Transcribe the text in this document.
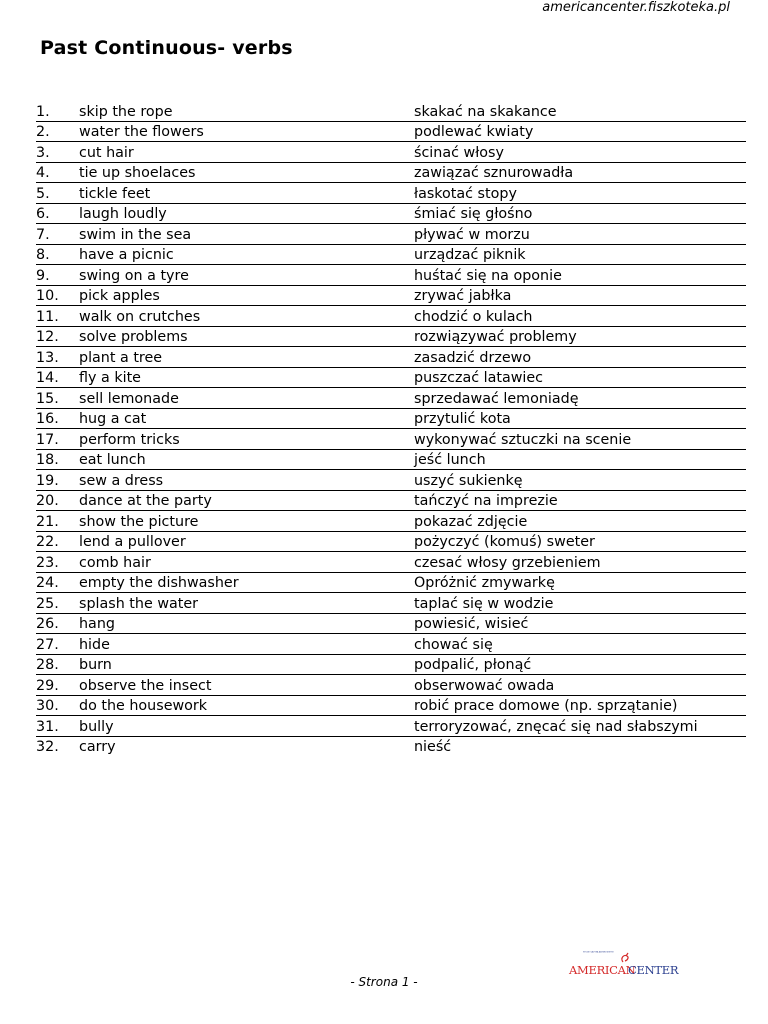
americancenter.fiszkoteka.pl
Past Continuous- verbs
1.	skip the rope	skakać na skakance
2.	water the flowers	podlewać kwiaty
3.	cut hair	ścinać włosy
4.	tie up shoelaces	zawiązać sznurowadła
5.	tickle feet	łaskotać stopy
6.	laugh loudly	śmiać się głośno
7.	swim in the sea	pływać w morzu
8.	have a picnic	urządzać piknik
9.	swing on a tyre	huśtać się na oponie
10.	pick apples	zrywać jabłka
11.	walk on crutches	chodzić o kulach
12.	solve problems	rozwiązywać problemy
13.	plant a tree	zasadzić drzewo
14.	fly a kite	puszczać latawiec
15.	sell lemonade	sprzedawać lemoniadę
16.	hug a cat	przytulić kota
17.	perform tricks	wykonywać sztuczki na scenie
18.	eat lunch	jeść lunch
19.	sew a dress	uszyć sukienkę
20.	dance at the party	tańczyć na imprezie
21.	show the picture	pokazać zdjęcie
22.	lend a pullover	pożyczyć (komuś) sweter
23.	comb hair	czesać włosy grzebieniem
24.	empty the dishwasher	Opróżnić zmywarkę
25.	splash the water	taplać się w wodzie
26.	hang	powiesić, wisieć
27.	hide	chować się
28.	burn	podpalić, płonąć
29.	observe the insect	obserwować owada
30.	do the housework	robić prace domowe (np. sprzątanie)
31.	bully	terroryzować, znęcać się nad słabszymi
32.	carry	nieść
- Strona 1 -
STUDIO JĘZYKA ANGIELSKIEGO
AMERICAN
CENTER
